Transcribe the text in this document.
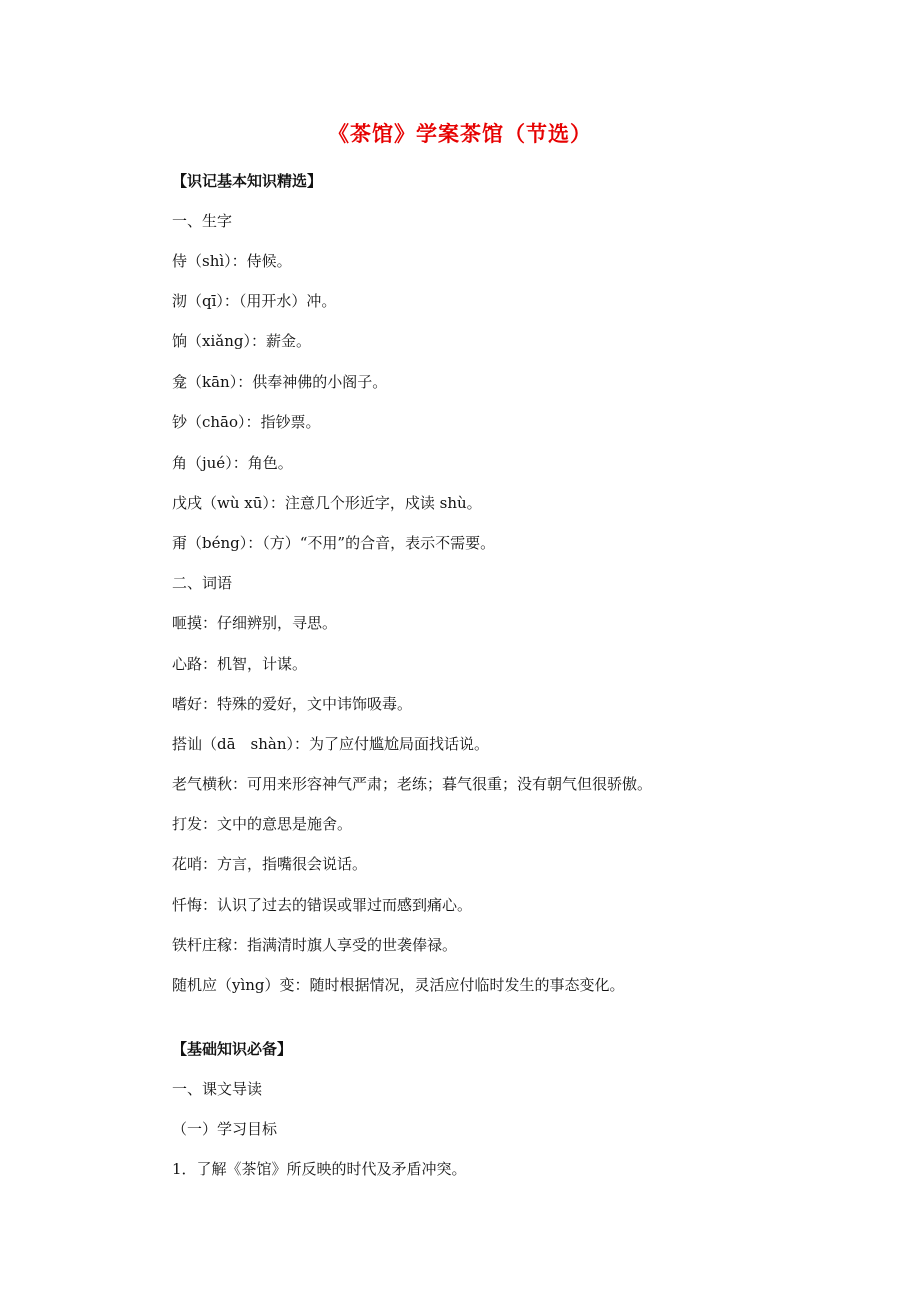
《茶馆》学案茶馆（节选）
【识记基本知识精选】
一、生字
侍（shì）：侍候。
沏（qī）：（用开水）冲。
饷（xiǎng）：薪金。
龛（kān）：供奉神佛的小阁子。
钞（chāo）：指钞票。
角（jué）：角色。
戊戌（wù xū）：注意几个形近字，戍读 shù。
甭（béng）：（方）“不用”的合音，表示不需要。
二、词语
咂摸：仔细辨别，寻思。
心路：机智，计谋。
嗜好：特殊的爱好，文中讳饰吸毒。
搭讪（dā　shàn）：为了应付尴尬局面找话说。
老气横秋：可用来形容神气严肃；老练；暮气很重；没有朝气但很骄傲。
打发：文中的意思是施舍。
花哨：方言，指嘴很会说话。
忏悔：认识了过去的错误或罪过而感到痛心。
铁杆庄稼：指满清时旗人享受的世袭俸禄。
随机应（yìng）变：随时根据情况，灵活应付临时发生的事态变化。
【基础知识必备】
一、课文导读
（一）学习目标
1．了解《茶馆》所反映的时代及矛盾冲突。
